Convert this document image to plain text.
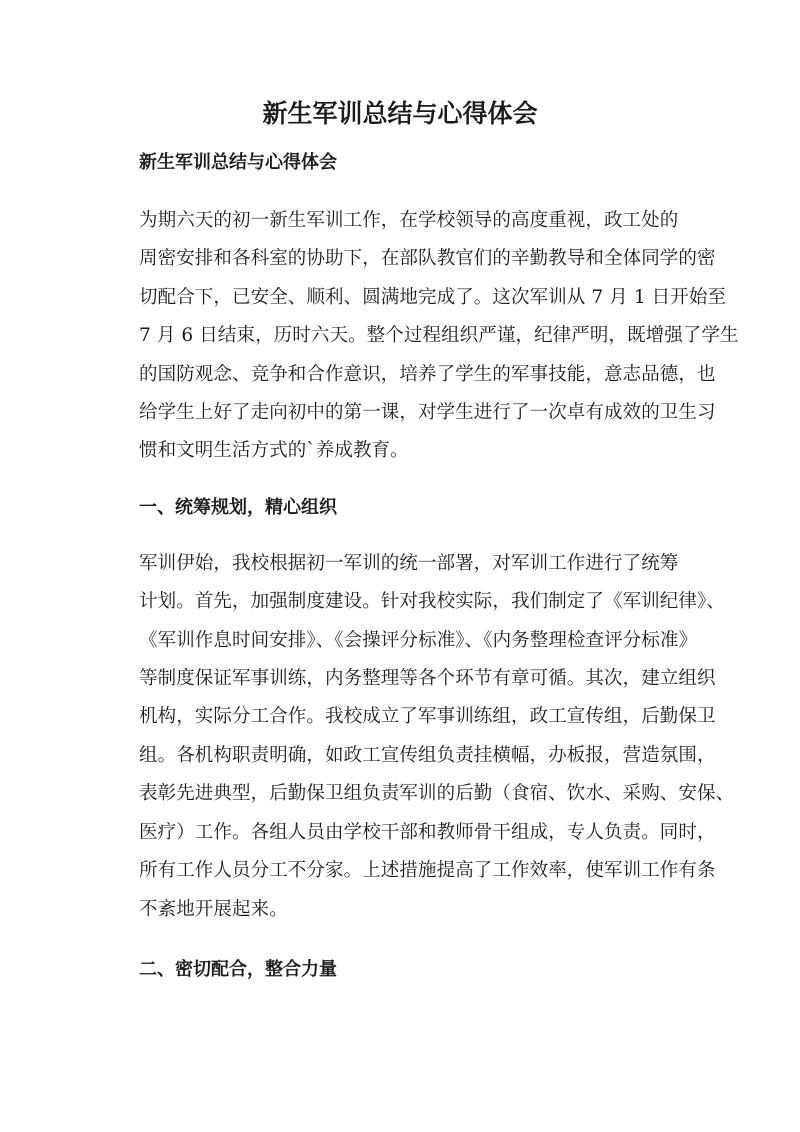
新生军训总结与心得体会

新生军训总结与心得体会

为期六天的初一新生军训工作，在学校领导的高度重视，政工处的
周密安排和各科室的协助下，在部队教官们的辛勤教导和全体同学的密
切配合下，已安全、顺利、圆满地完成了。这次军训从 7 月 1 日开始至
7 月 6 日结束，历时六天。整个过程组织严谨，纪律严明，既增强了学生
的国防观念、竞争和合作意识，培养了学生的军事技能，意志品德，也
给学生上好了走向初中的第一课，对学生进行了一次卓有成效的卫生习
惯和文明生活方式的`养成教育。

一、统筹规划，精心组织

军训伊始，我校根据初一军训的统一部署，对军训工作进行了统筹
计划。首先，加强制度建设。针对我校实际，我们制定了《军训纪律》、
《军训作息时间安排》、《会操评分标准》、《内务整理检查评分标准》
等制度保证军事训练，内务整理等各个环节有章可循。其次，建立组织
机构，实际分工合作。我校成立了军事训练组，政工宣传组，后勤保卫
组。各机构职责明确，如政工宣传组负责挂横幅，办板报，营造氛围，
表彰先进典型，后勤保卫组负责军训的后勤（食宿、饮水、采购、安保、
医疗）工作。各组人员由学校干部和教师骨干组成，专人负责。同时，
所有工作人员分工不分家。上述措施提高了工作效率，使军训工作有条
不紊地开展起来。

二、密切配合，整合力量
